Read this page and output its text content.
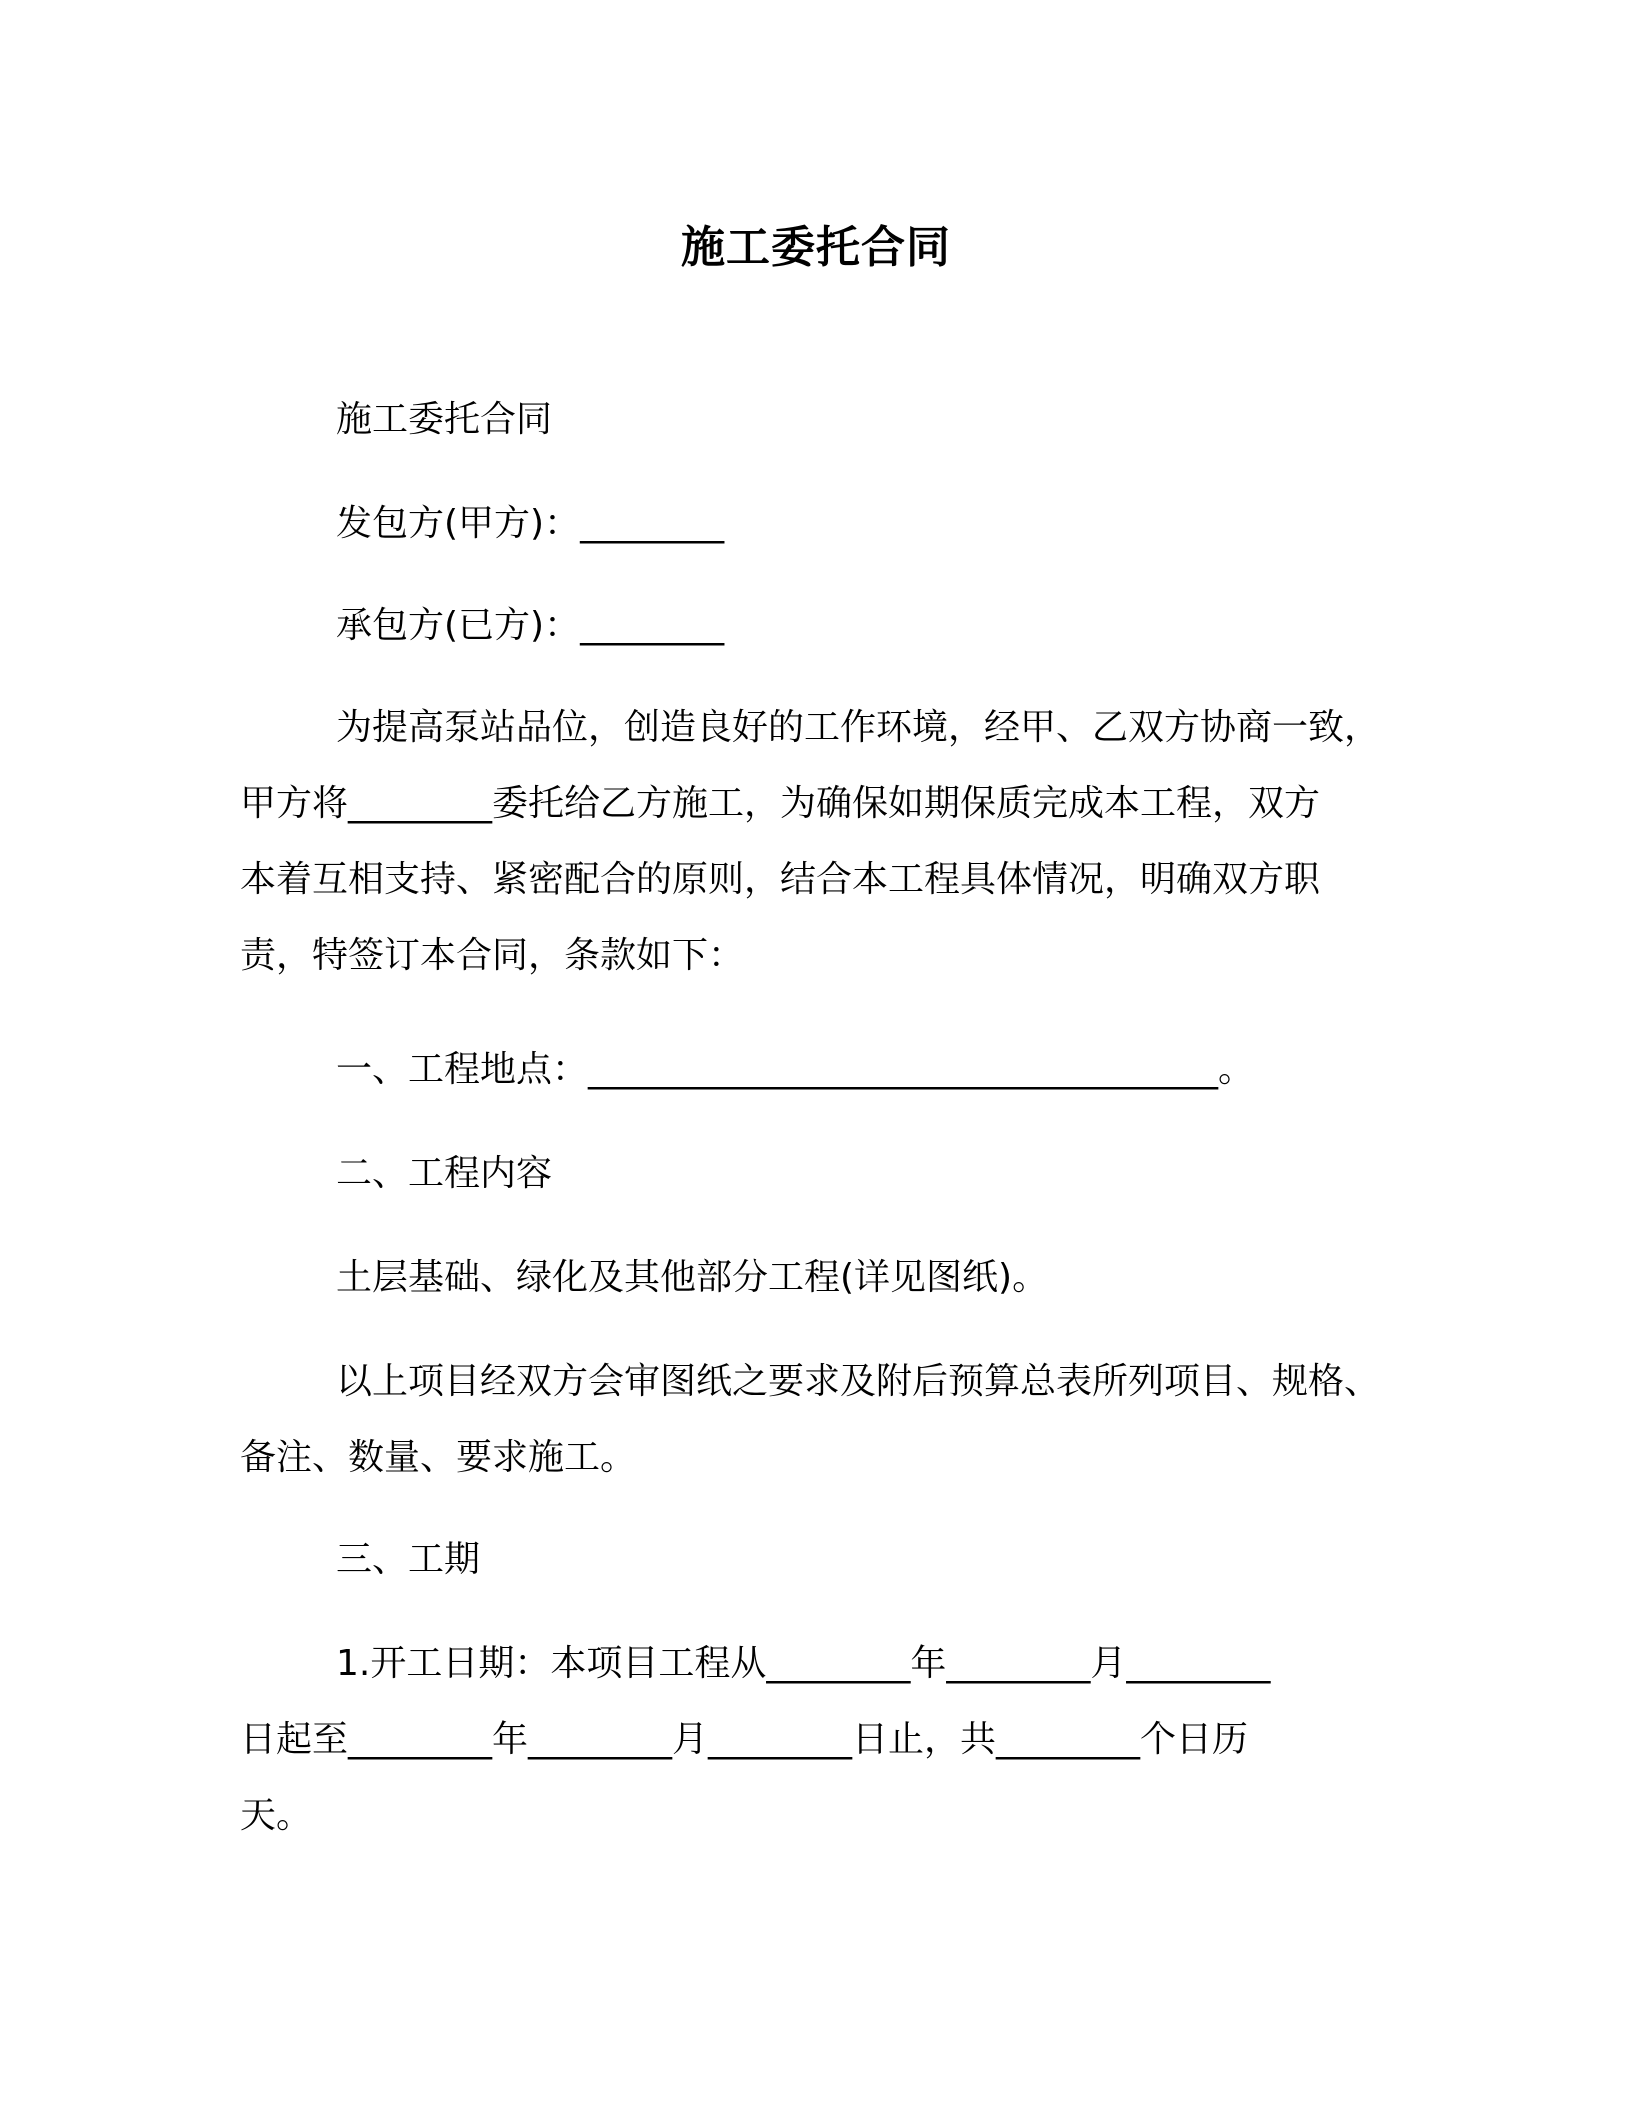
施工委托合同
施工委托合同
发包方(甲方)：________
承包方(已方)：________
为提高泵站品位，创造良好的工作环境，经甲、乙双方协商一致，
甲方将________委托给乙方施工，为确保如期保质完成本工程，双方
本着互相支持、紧密配合的原则，结合本工程具体情况，明确双方职
责，特签订本合同，条款如下：
一、工程地点：___________________________________。
二、工程内容
土层基础、绿化及其他部分工程(详见图纸)。
以上项目经双方会审图纸之要求及附后预算总表所列项目、规格、
备注、数量、要求施工。
三、工期
1.开工日期：本项目工程从________年________月________
日起至________年________月________日止，共________个日历
天。
